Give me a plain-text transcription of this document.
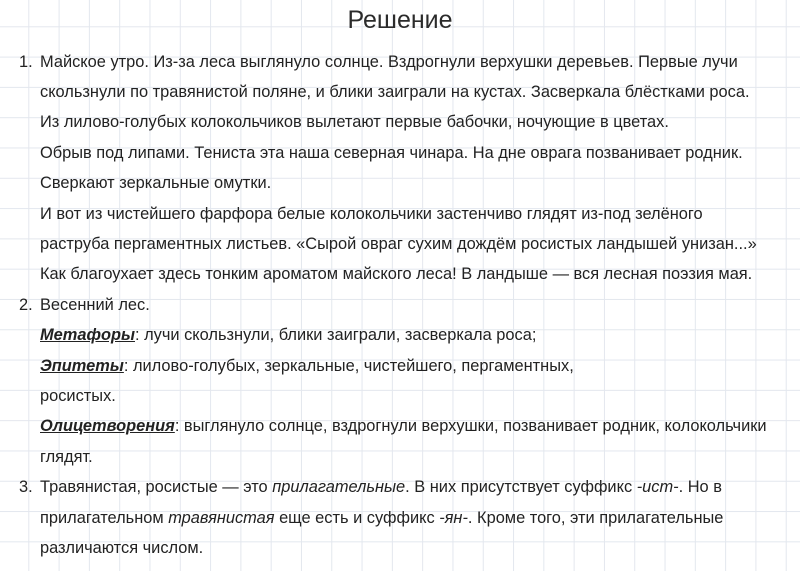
Решение
1. Майское утро. Из-за леса выглянуло солнце. Вздрогнули верхушки деревьев. Первые лучи
скользнули по травянистой поляне, и блики заиграли на кустах. Засверкала блёстками роса.
Из лилово-голубых колокольчиков вылетают первые бабочки, ночующие в цветах.
Обрыв под липами. Тениста эта наша северная чинара. На дне оврага позванивает родник.
Сверкают зеркальные омутки.
И вот из чистейшего фарфора белые колокольчики застенчиво глядят из-под зелёного
раструба пергаментных листьев. «Сырой овраг сухим дождём росистых ландышей унизан...»
Как благоухает здесь тонким ароматом майского леса! В ландыше — вся лесная поэзия мая.
2. Весенний лес.
Метафоры: лучи скользнули, блики заиграли, засверкала роса;
Эпитеты: лилово-голубых, зеркальные, чистейшего, пергаментных,
росистых.
Олицетворения: выглянуло солнце, вздрогнули верхушки, позванивает родник, колокольчики
глядят.
3. Травянистая, росистые — это прилагательные. В них присутствует суффикс -ист-. Но в
прилагательном травянистая еще есть и суффикс -ян-. Кроме того, эти прилагательные
различаются числом.
